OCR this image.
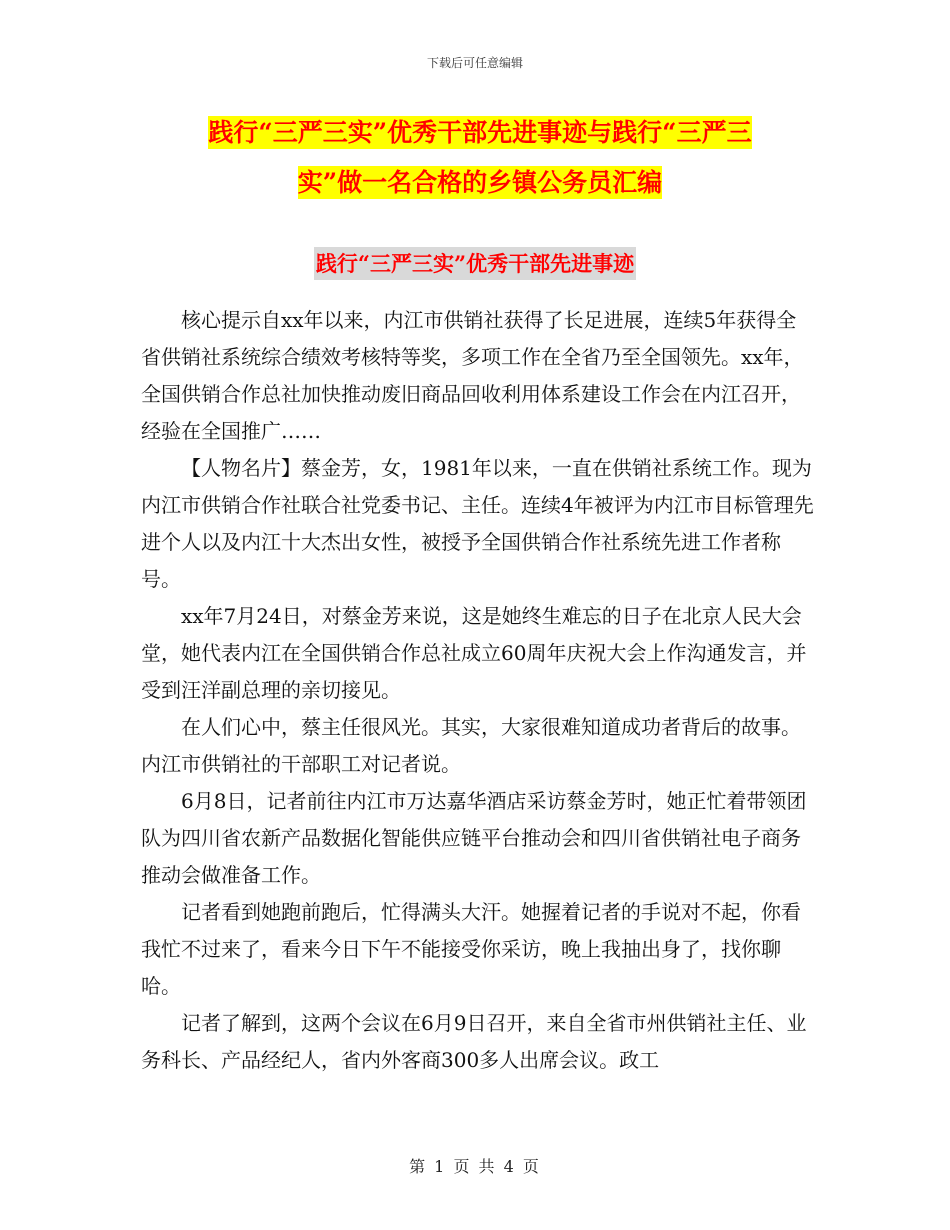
下载后可任意编辑
践行“三严三实”优秀干部先进事迹与践行“三严三
实”做一名合格的乡镇公务员汇编
践行“三严三实”优秀干部先进事迹

核心提示自xx年以来，内江市供销社获得了长足进展，连续5年获得全省供销社系统综合绩效考核特等奖，多项工作在全省乃至全国领先。xx年，全国供销合作总社加快推动废旧商品回收利用体系建设工作会在内江召开，经验在全国推广……

【人物名片】蔡金芳，女，1981年以来，一直在供销社系统工作。现为内江市供销合作社联合社党委书记、主任。连续4年被评为内江市目标管理先进个人以及内江十大杰出女性，被授予全国供销合作社系统先进工作者称号。

xx年7月24日，对蔡金芳来说，这是她终生难忘的日子在北京人民大会堂，她代表内江在全国供销合作总社成立60周年庆祝大会上作沟通发言，并受到汪洋副总理的亲切接见。

在人们心中，蔡主任很风光。其实，大家很难知道成功者背后的故事。内江市供销社的干部职工对记者说。

6月8日，记者前往内江市万达嘉华酒店采访蔡金芳时，她正忙着带领团队为四川省农新产品数据化智能供应链平台推动会和四川省供销社电子商务推动会做准备工作。

记者看到她跑前跑后，忙得满头大汗。她握着记者的手说对不起，你看我忙不过来了，看来今日下午不能接受你采访，晚上我抽出身了，找你聊哈。

记者了解到，这两个会议在6月9日召开，来自全省市州供销社主任、业务科长、产品经纪人，省内外客商300多人出席会议。政工

第 1 页 共 4 页
